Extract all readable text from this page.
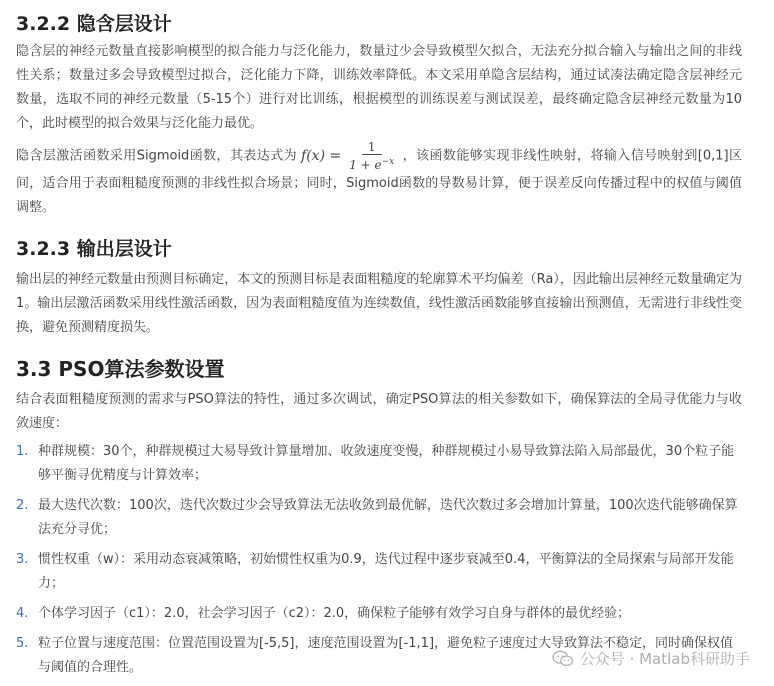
3.2.2 隐含层设计

隐含层的神经元数量直接影响模型的拟合能力与泛化能力，数量过少会导致模型欠拟合，无法充分拟合输入与输出之间的非线性关系；数量过多会导致模型过拟合，泛化能力下降，训练效率降低。本文采用单隐含层结构，通过试凑法确定隐含层神经元数量，选取不同的神经元数量（5-15个）进行对比训练，根据模型的训练误差与测试误差，最终确定隐含层神经元数量为10个，此时模型的拟合效果与泛化能力最优。

隐含层激活函数采用Sigmoid函数，其表达式为 $f(x) = \frac{1}{1 + e^{-x}}$ ，该函数能够实现非线性映射，将输入信号映射到[0,1]区间，适合用于表面粗糙度预测的非线性拟合场景；同时，Sigmoid函数的导数易计算，便于误差反向传播过程中的权值与阈值调整。

3.2.3 输出层设计

输出层的神经元数量由预测目标确定，本文的预测目标是表面粗糙度的轮廓算术平均偏差（Ra），因此输出层神经元数量确定为1。输出层激活函数采用线性激活函数，因为表面粗糙度值为连续数值，线性激活函数能够直接输出预测值，无需进行非线性变换，避免预测精度损失。

3.3 PSO算法参数设置

结合表面粗糙度预测的需求与PSO算法的特性，通过多次调试，确定PSO算法的相关参数如下，确保算法的全局寻优能力与收敛速度：

1. 种群规模：30个，种群规模过大易导致计算量增加、收敛速度变慢，种群规模过小易导致算法陷入局部最优，30个粒子能够平衡寻优精度与计算效率；
2. 最大迭代次数：100次，迭代次数过少会导致算法无法收敛到最优解，迭代次数过多会增加计算量，100次迭代能够确保算法充分寻优；
3. 惯性权重（w）：采用动态衰减策略，初始惯性权重为0.9，迭代过程中逐步衰减至0.4，平衡算法的全局探索与局部开发能力；
4. 个体学习因子（c1）：2.0，社会学习因子（c2）：2.0，确保粒子能够有效学习自身与群体的最优经验；
5. 粒子位置与速度范围：位置范围设置为[-5,5]，速度范围设置为[-1,1]，避免粒子速度过大导致算法不稳定，同时确保权值与阈值的合理性。	公众号 · Matlab科研助手
